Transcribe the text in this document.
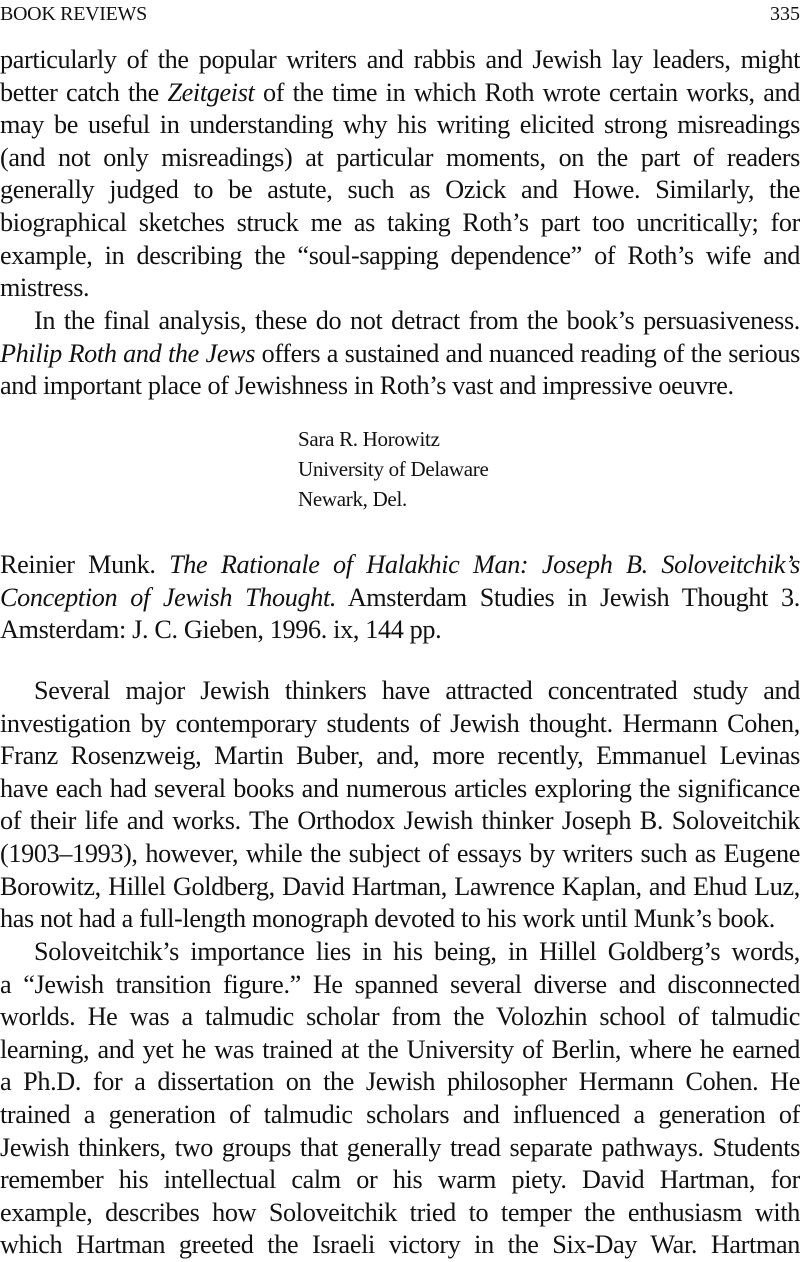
BOOK REVIEWS	335
particularly of the popular writers and rabbis and Jewish lay leaders, might
better catch the Zeitgeist of the time in which Roth wrote certain works, and
may be useful in understanding why his writing elicited strong misreadings
(and not only misreadings) at particular moments, on the part of readers
generally judged to be astute, such as Ozick and Howe. Similarly, the
biographical sketches struck me as taking Roth’s part too uncritically; for
example, in describing the “soul-sapping dependence” of Roth’s wife and
mistress.
In the final analysis, these do not detract from the book’s persuasiveness.
Philip Roth and the Jews offers a sustained and nuanced reading of the serious
and important place of Jewishness in Roth’s vast and impressive oeuvre.
Sara R. Horowitz
University of Delaware
Newark, Del.
Reinier Munk. The Rationale of Halakhic Man: Joseph B. Soloveitchik’s
Conception of Jewish Thought. Amsterdam Studies in Jewish Thought 3.
Amsterdam: J. C. Gieben, 1996. ix, 144 pp.
Several major Jewish thinkers have attracted concentrated study and
investigation by contemporary students of Jewish thought. Hermann Cohen,
Franz Rosenzweig, Martin Buber, and, more recently, Emmanuel Levinas
have each had several books and numerous articles exploring the significance
of their life and works. The Orthodox Jewish thinker Joseph B. Soloveitchik
(1903–1993), however, while the subject of essays by writers such as Eugene
Borowitz, Hillel Goldberg, David Hartman, Lawrence Kaplan, and Ehud Luz,
has not had a full-length monograph devoted to his work until Munk’s book.
Soloveitchik’s importance lies in his being, in Hillel Goldberg’s words,
a “Jewish transition figure.” He spanned several diverse and disconnected
worlds. He was a talmudic scholar from the Volozhin school of talmudic
learning, and yet he was trained at the University of Berlin, where he earned
a Ph.D. for a dissertation on the Jewish philosopher Hermann Cohen. He
trained a generation of talmudic scholars and influenced a generation of
Jewish thinkers, two groups that generally tread separate pathways. Students
remember his intellectual calm or his warm piety. David Hartman, for
example, describes how Soloveitchik tried to temper the enthusiasm with
which Hartman greeted the Israeli victory in the Six-Day War. Hartman
